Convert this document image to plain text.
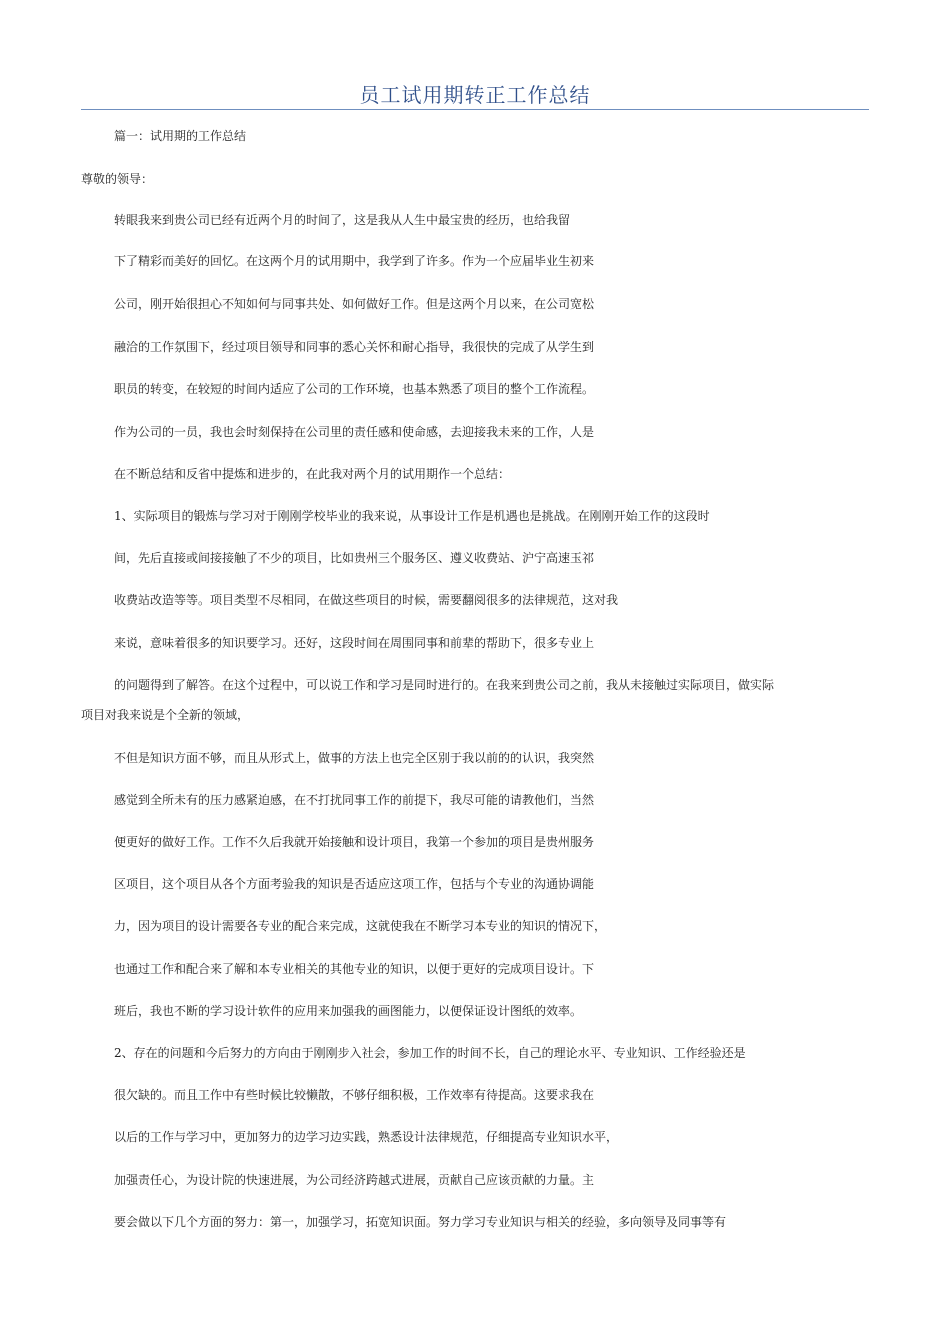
员工试用期转正工作总结
篇一：试用期的工作总结
尊敬的领导：
转眼我来到贵公司已经有近两个月的时间了，这是我从人生中最宝贵的经历，也给我留
下了精彩而美好的回忆。在这两个月的试用期中，我学到了许多。作为一个应届毕业生初来
公司，刚开始很担心不知如何与同事共处、如何做好工作。但是这两个月以来，在公司宽松
融洽的工作氛围下，经过项目领导和同事的悉心关怀和耐心指导，我很快的完成了从学生到
职员的转变，在较短的时间内适应了公司的工作环境，也基本熟悉了项目的整个工作流程。
作为公司的一员，我也会时刻保持在公司里的责任感和使命感，去迎接我未来的工作，人是
在不断总结和反省中提炼和进步的，在此我对两个月的试用期作一个总结：
1、实际项目的锻炼与学习对于刚刚学校毕业的我来说，从事设计工作是机遇也是挑战。在刚刚开始工作的这段时
间，先后直接或间接接触了不少的项目，比如贵州三个服务区、遵义收费站、沪宁高速玉祁
收费站改造等等。项目类型不尽相同，在做这些项目的时候，需要翻阅很多的法律规范，这对我
来说，意味着很多的知识要学习。还好，这段时间在周围同事和前辈的帮助下，很多专业上
的问题得到了解答。在这个过程中，可以说工作和学习是同时进行的。在我来到贵公司之前，我从未接触过实际项目，做实际
项目对我来说是个全新的领域，
不但是知识方面不够，而且从形式上，做事的方法上也完全区别于我以前的的认识，我突然
感觉到全所未有的压力感紧迫感，在不打扰同事工作的前提下，我尽可能的请教他们，当然
便更好的做好工作。工作不久后我就开始接触和设计项目，我第一个参加的项目是贵州服务
区项目，这个项目从各个方面考验我的知识是否适应这项工作，包括与个专业的沟通协调能
力，因为项目的设计需要各专业的配合来完成，这就使我在不断学习本专业的知识的情况下，
也通过工作和配合来了解和本专业相关的其他专业的知识，以便于更好的完成项目设计。下
班后，我也不断的学习设计软件的应用来加强我的画图能力，以便保证设计图纸的效率。
2、存在的问题和今后努力的方向由于刚刚步入社会，参加工作的时间不长，自己的理论水平、专业知识、工作经验还是
很欠缺的。而且工作中有些时候比较懒散，不够仔细积极，工作效率有待提高。这要求我在
以后的工作与学习中，更加努力的边学习边实践，熟悉设计法律规范，仔细提高专业知识水平，
加强责任心，为设计院的快速进展，为公司经济跨越式进展，贡献自己应该贡献的力量。主
要会做以下几个方面的努力：第一，加强学习，拓宽知识面。努力学习专业知识与相关的经验，多向领导及同事等有
